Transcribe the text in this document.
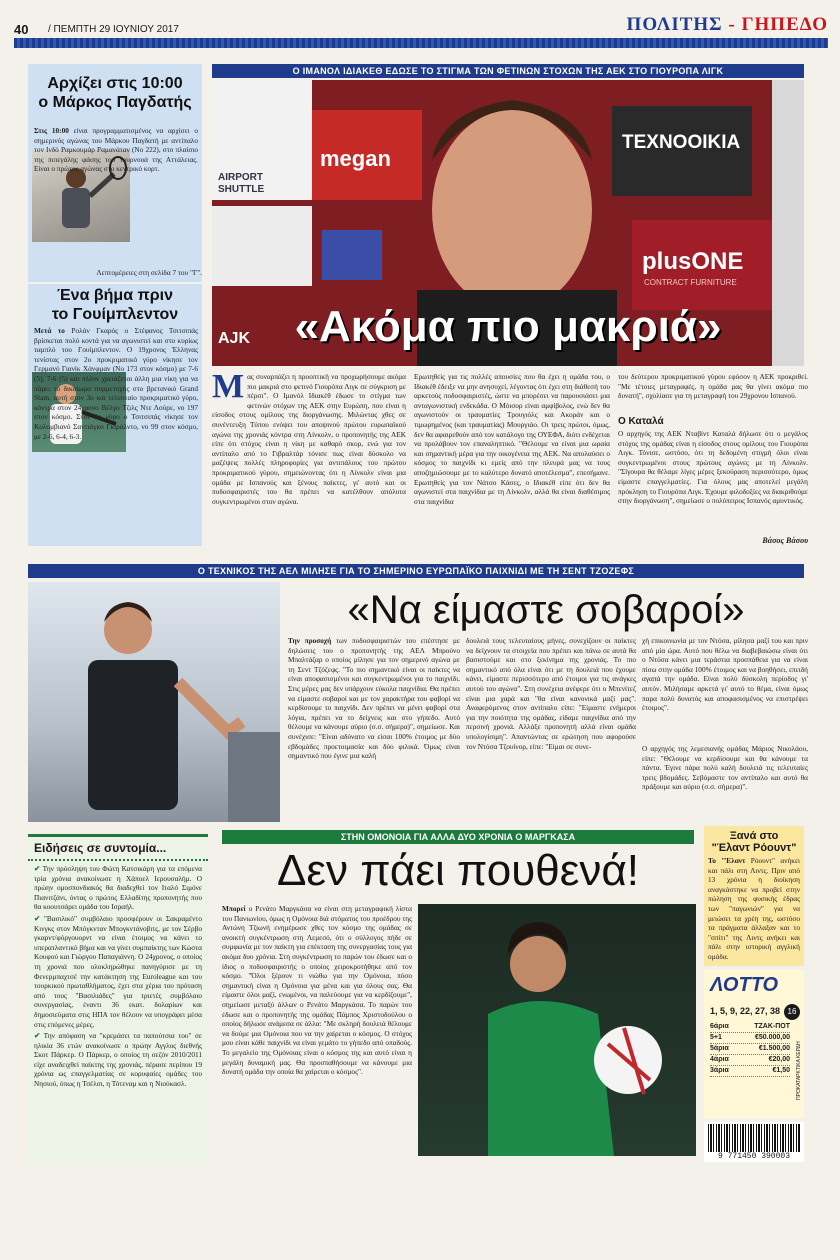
40 / ΠΕΜΠΤΗ 29 ΙΟΥΝΙΟΥ 2017	ΠΟΛΙΤΗΣ - ΓΗΠΕΔΟ
Αρχίζει στις 10:00
ο Μάρκος Παγδατής
Στις 10:00 είναι προγραμματισμένος να αρχίσει ο σημερινός αγώνας του Μάρκου Παγδατή με αντίπαλο τον Ινδό Ραμκουμάρ Ραμανάταν (Νο 222), στο πλαίσιο της πιπεγάλης φάσης του τουρνουά της Αττάλειας. Είναι ο πρώτος αγώνας στο κεντρικό κορτ.
Λεπτομέρειες στη σελίδα 7 του "Γ".
Ένα βήμα πριν
το Γουίμπλεντον
Μετά το Ρολάν Γκαρός ο Στέφανος Τσιτσιπάς βρίσκεται πολύ κοντά για να αγωνιστεί και στο κυρίως ταμπλό του Γουίμπλεντον. Ο 19χρονος Έλληνας τενίστας στον 2ο προκριματικό γύρο νίκησε τον Γερμανό Γιανίκ Χάνφμαν (Νο 173 στον κόσμο) με 7-6 (5), 7-6 (5) και πλέον χρειάζεται άλλη μια νίκη για να πάρει το δικαίωμα συμμετοχής στο βρετανικό Grand Slam, αυτή στον 3ο και τελευταίο προκριματικό γύρο, κόντρα στον 24χρονο Βέλγο Τζιλς Ντε Λούρε, νο 197 στον κόσμο. Στον 1ο γύρο ο Τσιτσιπάς νίκησε τον Κολομβιανό Σαντιάγκο Γκιράλντο, νο 99 στον κόσμο, με 2-6, 6-4, 6-3.
Ο ΙΜΑΝΟΛ ΙΔΙΑΚΕΘ ΕΔΩΣΕ ΤΟ ΣΤΙΓΜΑ ΤΩΝ ΦΕΤΙΝΩΝ ΣΤΟΧΩΝ ΤΗΣ ΑΕΚ ΣΤΟ ΓΙΟΥΡΟΠΑ ΛΙΓΚ
megan
ΤΕΧΝΟΟΙΚΙΑ
plusONE
CONTRACT FURNITURE
AIRPORT
SHUTTLE
AJK	«Ακόμα πιο μακριά»
Μας συναρπάζει η προοπτική να προχωρήσουμε ακόμα πιο μακριά στο φετινό Γιουρόπα Λιγκ σε σύγκριση με πέρσι". Ο Ιμανόλ Ιδιακέθ έδωσε το στίγμα των φετινών στόχων της ΑΕΚ στην Ευρώπη, που είναι η είσοδος στους ομίλους της διοργάνωσης. Μιλώντας χθες σε συνέντευξη Τύπου ενόψει του αποψινού πρώτου ευρωπαϊκού αγώνα της χρονιάς κόντρα στη Λίνκολν, ο προπονητής της ΑΕΚ είπε ότι στόχος είναι η νίκη με καθαρό σκορ, ενώ για τον αντίπαλο από το Γιβραλτάρ τόνισε πως είναι δύσκολο να μαζέψεις πολλές πληροφορίες για αντιπάλους του πρώτου προκριματικού γύρου, σημειώνοντας ότι η Λίνκολν είναι μια ομάδα με Ισπανούς και ξένους παίκτες, γι' αυτό και οι ποδοσφαιριστές του θα πρέπει να κατέλθουν απόλυτα συγκεντρωμένοι στον αγώνα.
Ερωτηθείς για τις πολλές απουσίες που θα έχει η ομάδα του, ο Ιδιακέθ έδειξε να μην ανησυχεί, λέγοντας ότι έχει στη διάθεσή του αρκετούς ποδοσφαιριστές, ώστε να μπορέσει να παρουσιάσει μια ανταγωνιστική ενδεκάδα. Ο Μόισορ είναι αμφίβολος, ενώ δεν θα αγωνιστούν οι τραυματίες Τρουγιόλς και Ακοράν και ο τιμωρημένος (και τραυματίας) Μουργιάο. Οι τρεις πρώτοι, όμως, δεν θα αφαιρεθούν από τον κατάλογο της ΟΥΕΦΑ, διότι ενδέχεται να προλάβουν τον επαναληπτικό. "Θέλουμε να είναι μια ωραία και σημαντική μέρα για την οικογένεια της ΑΕΚ. Να απολαύσει ο κόσμος το παιχνίδι κι εμείς από την πλευρά μας να τους αποζημιώσουμε με το καλύτερο δυνατό αποτέλεσμα", επεσήμανε. Ερωτηθείς για τον Νάτσο Κάσες, ο Ιδιακέθ είπε ότι δεν θα αγωνιστεί στα παιχνίδια με τη Λίνκολν, αλλά θα είναι διαθέσιμος στα παιχνίδια
του δεύτερου προκριματικού γύρου εφόσον η ΑΕΚ προκριθεί. "Με τέτοιες μεταγραφές, η ομάδα μας θα γίνει ακόμα πιο δυνατή", σχολίασε για τη μεταγραφή του 29χρονου Ισπανού.
Ο Καταλά
Ο αρχηγός της ΑΕΚ Νταβίντ Καταλά δήλωσε ότι ο μεγάλος στόχος της ομάδας είναι η είσοδος στους ομίλους του Γιουρόπα Λιγκ. Τόνισε, ωστόσο, ότι τη δεδομένη στιγμή όλοι είναι συγκεντρωμένοι στους πρώτους αγώνες με τη Λίνκολν. "Σίγουρα θα θέλαμε λίγες μέρες ξεκούραση περισσότερο, όμως είμαστε επαγγελματίες. Για όλους μας αποτελεί μεγάλη πρόκληση το Γιουρόπα Λιγκ. Έχουμε φιλοδοξίες να διακριθούμε στην διοργάνωση", σημείωσε ο πολύπειρος Ισπανός αμυντικός.
Βάσος Βάσου
Ο ΤΕΧΝΙΚΟΣ ΤΗΣ ΑΕΛ ΜΙΛΗΣΕ ΓΙΑ ΤΟ ΣΗΜΕΡΙΝΟ ΕΥΡΩΠΑΪΚΟ ΠΑΙΧΝΙΔΙ ΜΕ ΤΗ ΣΕΝΤ ΤΖΟΖΕΦΣ
«Να είμαστε σοβαροί»
Την προσοχή των ποδοσφαιριστών του επέστησε με δηλώσεις του ο προπονητής της ΑΕΛ Μπρούνο Μπαλτάζαρ ο οποίος μίλησε για τον σημερινό αγώνα με τη Σεντ Τζόζεφς. "Το πιο σημαντικό είναι οι παίκτες να είναι αποφασισμένοι και συγκεντρωμένοι για το παιχνίδι. Στις μέρες μας δεν υπάρχουν εύκολα παιχνίδια. Θα πρέπει να είμαστε σοβαροί και με τον χαρακτήρα του φαβορί να κερδίσουμε το παιχνίδι. Δεν πρέπει να μένει φαβορί στα λόγια, πρέπει να το δείχνεις και στο γήπεδο. Αυτό θέλουμε να κάνουμε αύριο (σ.σ. σήμερα)", σημείωσε. Και συνέχισε: "Είναι αδύνατο να είσαι 100% έτοιμος με δύο εβδομάδες προετοιμασία και δύο φιλικά. Όμως είναι σημαντικό που έγινε μια καλή
δουλειά τους τελευταίους μήνες, συνεχίζουν οι παίκτες να δείχνουν τα στοιχεία που πρέπει και πάνω σε αυτά θα βασιστούμε και στο ξεκίνημα της χρονιάς. Το πιο σημαντικό από όλα είναι ότι με τη δουλειά που έχουμε κάνει, είμαστε περισσότερο από έτοιμοι για τις ανάγκες αυτού του αγώνα". Στη συνέχεια ανέφερε ότι ο Μπενίτεζ είναι μια χαρά και "θα είναι κανονικά μαζί μας". Αναφερόμενος στον αντίπαλο είπε: "Είμαστε ενήμεροι για την ποιότητα της ομάδας, είδαμε παιχνίδια από την περσινή χρονιά. Αλλάξε προπονητή αλλά είναι ομάδα υπολογίσιμη". Απαντώντας σε ερώτηση που αφορούσε τον Ντόσα Τζουίνορ, είπε: "Είμαι σε συνε-
χή επικοινωνία με τον Ντόσα, μίλησα μαζί του και πριν από μία ώρα. Αυτό που θέλω να διαβεβαιώσω είναι ότι ο Ντόσα κάνει μια τεράστια προσπάθεια για να είναι πίσω στην ομάδα 100% έτοιμος και να βοηθήσει, επειδή αγαπά την ομάδα. Είναι πολύ δύσκολη περίοδος γι' αυτόν. Μιλήσαμε αρκετά γι' αυτό το θέμα, είναι όμως παρα πολύ δυνατός και αποφασισμένος να επιστρέψει έτοιμος".
Ο αρχηγός της λεμεσιανής ομάδας Μάριος Νικολάου, είπε: "Θέλουμε να κερδίσουμε και θα κάνουμε τα πάντα. Έγινε πάρα πολύ καλή δουλειά τις τελευταίες τρεις βδομάδες. Σεβόμαστε τον αντίπαλο και αυτό θα πράξουμε και αύριο (σ.σ. σήμερα)".
Ειδήσεις σε συντομία...
✔ Την πρόσληψη του Φώτη Κατσικάρη για τα επόμενα τρία χρόνια ανακοίνωσε η Χάποελ Ιερουσαλήμ. Ο πρώην ομοσπονδιακός θα διαδεχθεί τον Ιταλό Σιμόνε Πιανιτζάνι, όντας ο πρώτος Ελλαδίτης προπονητής που θα κοουτσάρει ομάδα του Ισραήλ.
✔ "Βασιλικό" συμβόλαιο προσφέρουν οι Σακραμέντο Κινγκς στον Μπόγκνταν Μπογκντάνοβιτς, με τον Σέρβο γκαρντ/φόργουορντ να είναι έτοιμος να κάνει το υπερατλαντικό βήμα και να γίνει συμπαίκτης των Κώστα Κουφού και Γιώργου Παπαγιάννη. Ο 24χρονος, ο οποίος τη χρονιά που ολοκληρώθηκε πανηγύρισε με τη Φενερμπαχτσέ την κατάκτηση της Euroleague και του τουρκικού πρωταθλήματος, έχει στα χέρια του πρόταση από τους "Βασιλιάδες" για τριετές συμβόλαιο συνεργασίας, έναντι 36 εκατ. δολαρίων και δημοσιεύματα στις ΗΠΑ τον θέλουν να υπογράφει μέσα στις επόμενες μέρες.
✔ Την απόφαση να "κρεμάσει τα παπούτσια του" σε ηλικία 36 ετών ανακοίνωσε ο πρώην Αγγλος διεθνής Σκοτ Πάρκερ. Ο Πάρκερ, ο οποίος τη σεζόν 2010/2011 είχε αναδειχθεί παίκτης της χρονιάς, πέρασε περίπου 19 χρόνια ως επαγγελματίας σε κορυφαίες ομάδες του Νησιού, όπως η Τσέλσι, η Τότεναμ και η Νιούκασλ.
ΣΤΗΝ ΟΜΟΝΟΙΑ ΓΙΑ ΑΛΛΑ ΔΥΟ ΧΡΟΝΙΑ Ο ΜΑΡΓΚΑΣΑ
Δεν πάει πουθενά!
Μπορεί ο Ρενάτο Μαργκάσα να είναι στη μεταγραφική λίστα του Πανιωνίου, όμως η Ομόνοια διά στόματος του προέδρου της Αντώνη Τζιωνή ενημέρωσε χθες τον κόσμο της ομάδας σε ανοικτή συγκέντρωση στη Λεμεσό, ότι ο σύλλογος πήδε σε συμφωνία με τον παίκτη για επέκταση της συνεργασίας τους για ακόμα δυο χρόνια. Στη συγκέντρωση το παρών του έδωσε και ο ίδιος ο ποδοσφαιριστής ο οποίος χειροκροτήθηκε από τον κόσμο. "Όλοι ξέρουν τι νιώθω για την Ομόνοια, πόσο σημαντική είναι η Ομόνοια για μένα και για όλους σας. Θα είμαστε όλοι μαζί, ενωμένοι, να παλεύουμε για να κερδίζουμε", σημείωσε μεταξύ άλλων ο Ρενάτο Μαργκάσα. Το παρών του έδωσε και ο προπονητής της ομάδας Πάμπος Χριστοδούλου ο οποίος δήλωσε ανάμεσα σε άλλα: "Με σκληρή δουλειά θέλουμε να δούμε μια Ομόνοια που να την χαίρεται ο κόσμος. Ο στόχος μου είναι κάθε παιχνίδι να είναι γεμάτο το γήπεδο από οπαδούς. Το μεγαλείο της Ομόνοιας είναι ο κόσμος της και αυτό είναι η μεγάλη δυναμική μας. Θα προσπαθήσουμε να κάνουμε μια δυνατή ομάδα την οποία θα χαίρεται ο κόσμος".
Ξανά στο
"Έλαντ Ρόουντ"
Το "Έλαντ Ρόουντ" ανήκει και πάλι στη Λιντς. Πριν από 13 χρόνια η διοίκηση αναγκάστηκε να προβεί στην πώληση της φυσικής έδρας των "παγωνιών" για να μειώσει τα χρέη της, ωστόσο τα πράγματα άλλαξαν και το "σπίτι" της Λιντς ανήκει και πάλι στην ιστορική αγγλική ομάδα.
ΛΟΤΤΟ
16
1, 5, 9, 22, 27, 38
6άρια	ΤΖΑΚ-ΠΟΤ
5+1	€50.000,00
5άρια	€1.500,00
4άρια	€20,00
3άρια	€1,50 ΠΡΟΚΑΤΑΡΚΤΙΚΑ ΚΕΡΔΗ
9 771450 390003
